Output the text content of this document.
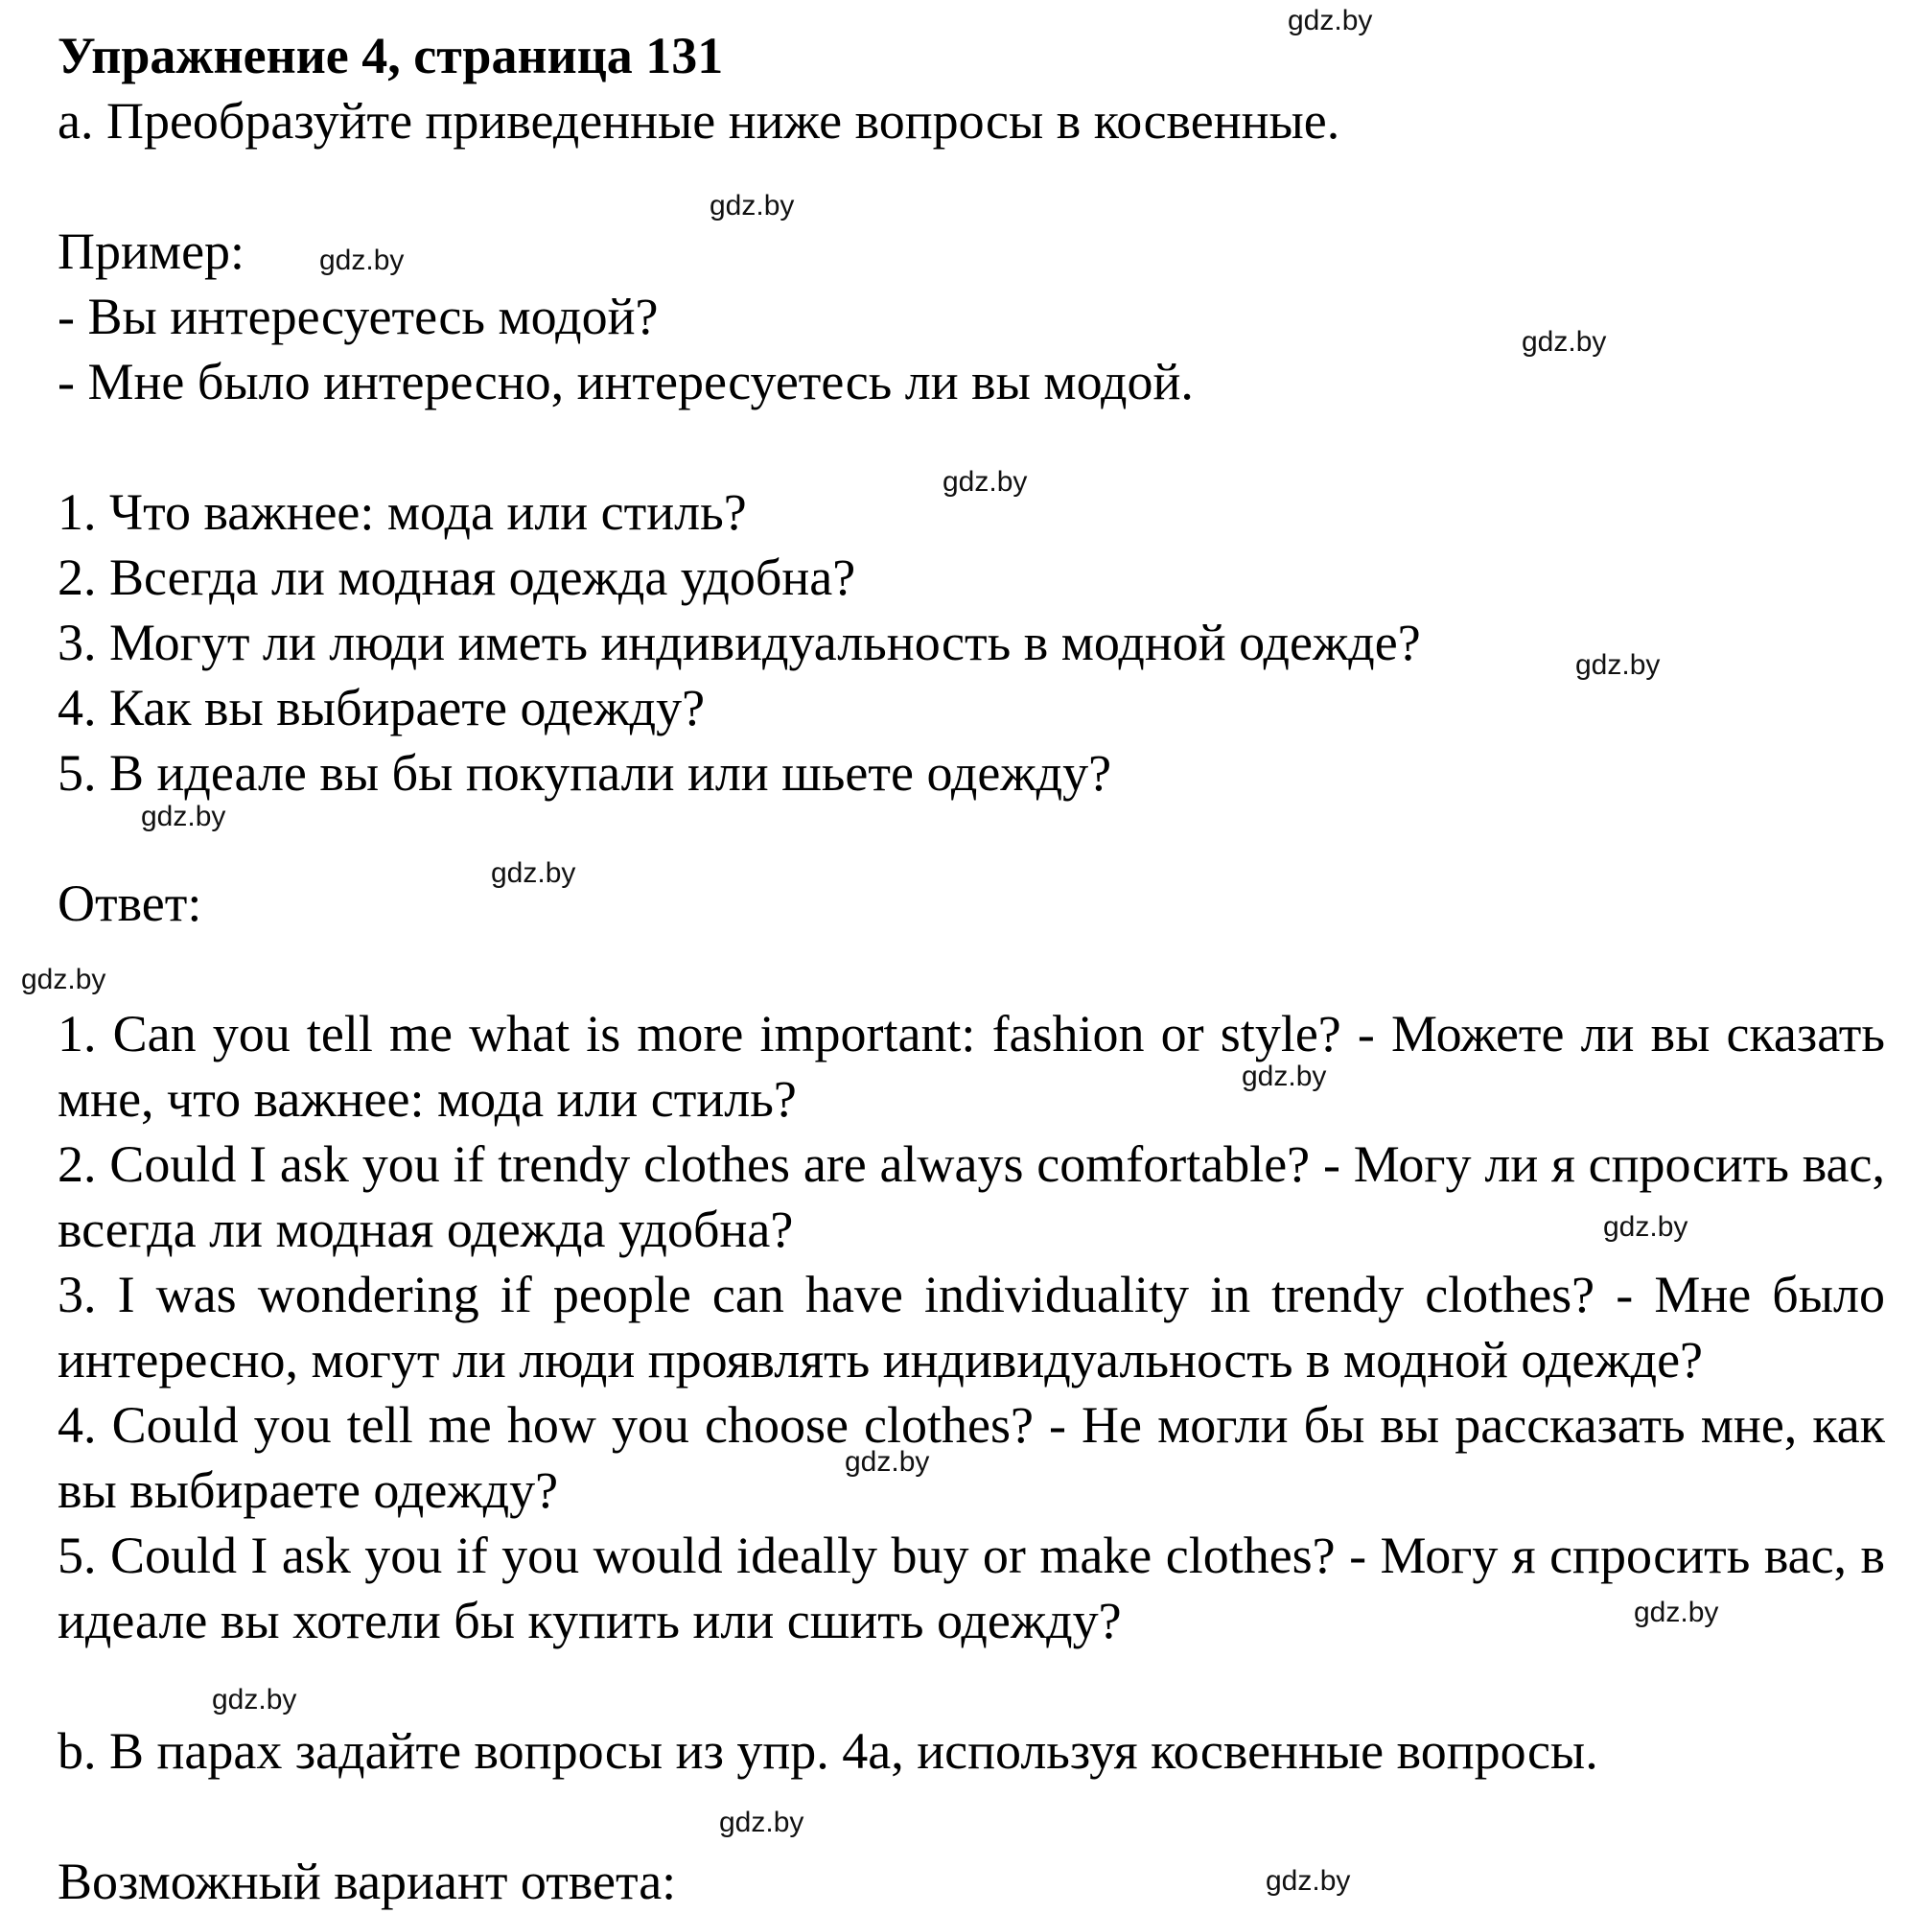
Упражнение 4, страница 131
a. Преобразуйте приведенные ниже вопросы в косвенные.
Пример:
- Вы интересуетесь модой?
- Мне было интересно, интересуетесь ли вы модой.
1. Что важнее: мода или стиль?
2. Всегда ли модная одежда удобна?
3. Могут ли люди иметь индивидуальность в модной одежде?
4. Как вы выбираете одежду?
5. В идеале вы бы покупали или шьете одежду?
Ответ:
1. Can you tell me what is more important: fashion or style? - Можете ли вы сказать мне, что важнее: мода или стиль?
2. Could I ask you if trendy clothes are always comfortable? - Могу ли я спросить вас, всегда ли модная одежда удобна?
3. I was wondering if people can have individuality in trendy clothes? - Мне было интересно, могут ли люди проявлять индивидуальность в модной одежде?
4. Could you tell me how you choose clothes? - Не могли бы вы рассказать мне, как вы выбираете одежду?
5. Could I ask you if you would ideally buy or make clothes? - Могу я спросить вас, в идеале вы хотели бы купить или сшить одежду?
b. В парах задайте вопросы из упр. 4a, используя косвенные вопросы.
Возможный вариант ответа:
gdz.by
gdz.by
gdz.by
gdz.by
gdz.by
gdz.by
gdz.by
gdz.by
gdz.by
gdz.by
gdz.by
gdz.by
gdz.by
gdz.by
gdz.by
gdz.by
